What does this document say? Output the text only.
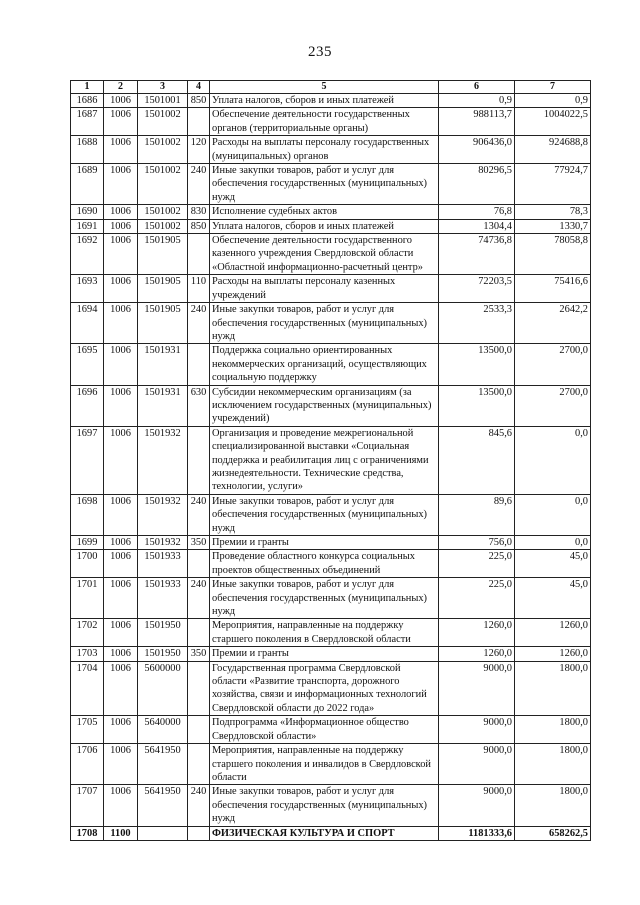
235
1	2	3	4	5	6	7
1686	1006	1501001	850	Уплата налогов, сборов и иных платежей	0,9	0,9
1687	1006	1501002		Обеспечение деятельности государственных органов (территориальные органы)	988113,7	1004022,5
1688	1006	1501002	120	Расходы на выплаты персоналу государственных (муниципальных) органов	906436,0	924688,8
1689	1006	1501002	240	Иные закупки товаров, работ и услуг для обеспечения государственных (муниципальных) нужд	80296,5	77924,7
1690	1006	1501002	830	Исполнение судебных актов	76,8	78,3
1691	1006	1501002	850	Уплата налогов, сборов и иных платежей	1304,4	1330,7
1692	1006	1501905		Обеспечение деятельности государственного казенного учреждения Свердловской области «Областной информационно-расчетный центр»	74736,8	78058,8
1693	1006	1501905	110	Расходы на выплаты персоналу казенных учреждений	72203,5	75416,6
1694	1006	1501905	240	Иные закупки товаров, работ и услуг для обеспечения государственных (муниципальных) нужд	2533,3	2642,2
1695	1006	1501931		Поддержка социально ориентированных некоммерческих организаций, осуществляющих социальную поддержку	13500,0	2700,0
1696	1006	1501931	630	Субсидии некоммерческим организациям (за исключением государственных (муниципальных) учреждений)	13500,0	2700,0
1697	1006	1501932		Организация и проведение межрегиональной специализированной выставки «Социальная поддержка и реабилитация лиц с ограничениями жизнедеятельности. Технические средства, технологии, услуги»	845,6	0,0
1698	1006	1501932	240	Иные закупки товаров, работ и услуг для обеспечения государственных (муниципальных) нужд	89,6	0,0
1699	1006	1501932	350	Премии и гранты	756,0	0,0
1700	1006	1501933		Проведение областного конкурса социальных проектов общественных объединений	225,0	45,0
1701	1006	1501933	240	Иные закупки товаров, работ и услуг для обеспечения государственных (муниципальных) нужд	225,0	45,0
1702	1006	1501950		Мероприятия, направленные на поддержку старшего поколения в Свердловской области	1260,0	1260,0
1703	1006	1501950	350	Премии и гранты	1260,0	1260,0
1704	1006	5600000		Государственная программа Свердловской области «Развитие транспорта, дорожного хозяйства, связи и информационных технологий Свердловской области до 2022 года»	9000,0	1800,0
1705	1006	5640000		Подпрограмма «Информационное общество Свердловской области»	9000,0	1800,0
1706	1006	5641950		Мероприятия, направленные на поддержку старшего поколения и инвалидов в Свердловской области	9000,0	1800,0
1707	1006	5641950	240	Иные закупки товаров, работ и услуг для обеспечения государственных (муниципальных) нужд	9000,0	1800,0
1708	1100			ФИЗИЧЕСКАЯ КУЛЬТУРА И СПОРТ	1181333,6	658262,5
